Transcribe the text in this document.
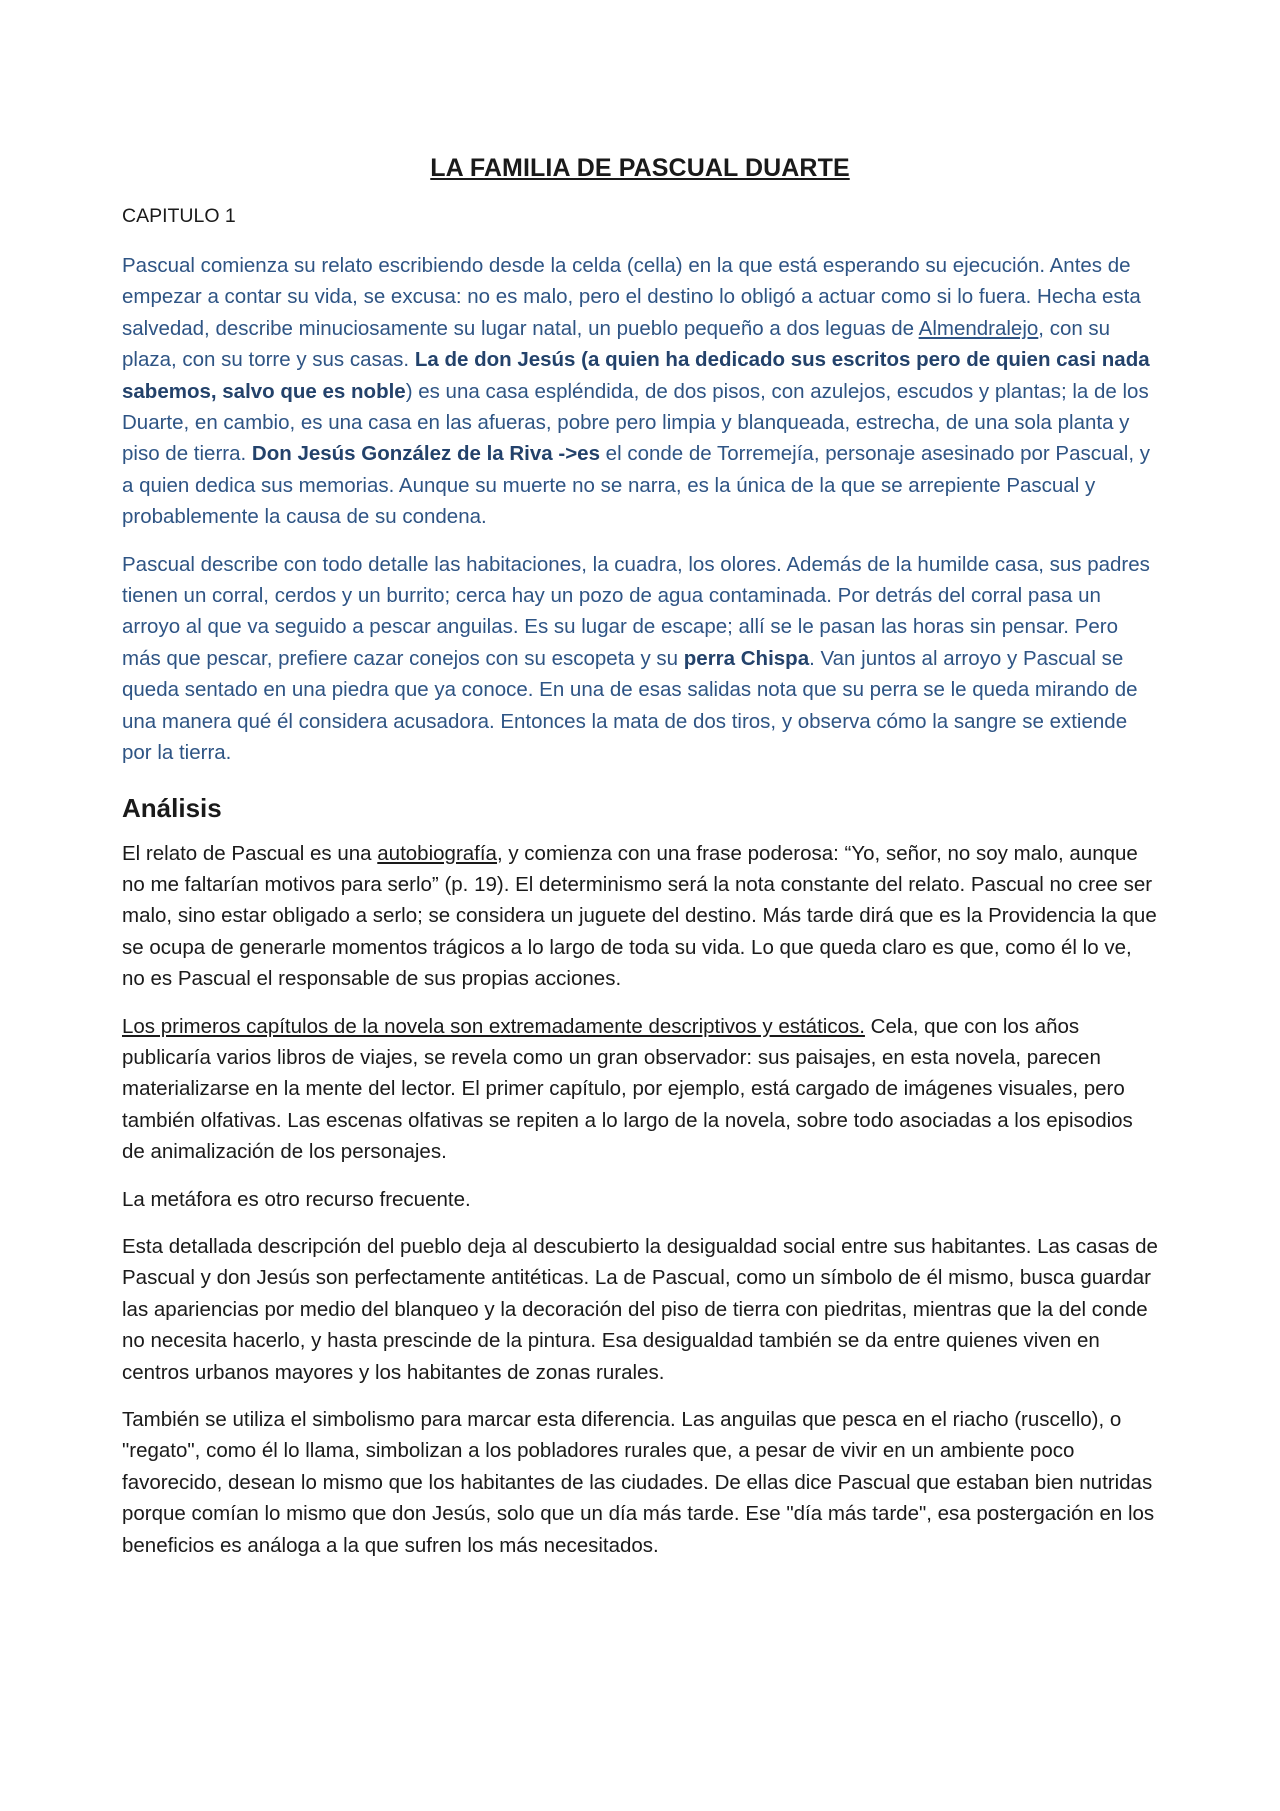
LA FAMILIA DE PASCUAL DUARTE
CAPITULO 1

Pascual comienza su relato escribiendo desde la celda (cella) en la que está esperando su ejecución. Antes de empezar a contar su vida, se excusa: no es malo, pero el destino lo obligó a actuar como si lo fuera. Hecha esta salvedad, describe minuciosamente su lugar natal, un pueblo pequeño a dos leguas de Almendralejo, con su plaza, con su torre y sus casas. La de don Jesús (a quien ha dedicado sus escritos pero de quien casi nada sabemos, salvo que es noble) es una casa espléndida, de dos pisos, con azulejos, escudos y plantas; la de los Duarte, en cambio, es una casa en las afueras, pobre pero limpia y blanqueada, estrecha, de una sola planta y piso de tierra. Don Jesús González de la Riva ->es el conde de Torremejía, personaje asesinado por Pascual, y a quien dedica sus memorias. Aunque su muerte no se narra, es la única de la que se arrepiente Pascual y probablemente la causa de su condena.

Pascual describe con todo detalle las habitaciones, la cuadra, los olores. Además de la humilde casa, sus padres tienen un corral, cerdos y un burrito; cerca hay un pozo de agua contaminada. Por detrás del corral pasa un arroyo al que va seguido a pescar anguilas. Es su lugar de escape; allí se le pasan las horas sin pensar. Pero más que pescar, prefiere cazar conejos con su escopeta y su perra Chispa. Van juntos al arroyo y Pascual se queda sentado en una piedra que ya conoce. En una de esas salidas nota que su perra se le queda mirando de una manera qué él considera acusadora. Entonces la mata de dos tiros, y observa cómo la sangre se extiende por la tierra.

Análisis

El relato de Pascual es una autobiografía, y comienza con una frase poderosa: “Yo, señor, no soy malo, aunque no me faltarían motivos para serlo” (p. 19). El determinismo será la nota constante del relato. Pascual no cree ser malo, sino estar obligado a serlo; se considera un juguete del destino. Más tarde dirá que es la Providencia la que se ocupa de generarle momentos trágicos a lo largo de toda su vida. Lo que queda claro es que, como él lo ve, no es Pascual el responsable de sus propias acciones.

Los primeros capítulos de la novela son extremadamente descriptivos y estáticos. Cela, que con los años publicaría varios libros de viajes, se revela como un gran observador: sus paisajes, en esta novela, parecen materializarse en la mente del lector. El primer capítulo, por ejemplo, está cargado de imágenes visuales, pero también olfativas. Las escenas olfativas se repiten a lo largo de la novela, sobre todo asociadas a los episodios de animalización de los personajes.

La metáfora es otro recurso frecuente.

Esta detallada descripción del pueblo deja al descubierto la desigualdad social entre sus habitantes. Las casas de Pascual y don Jesús son perfectamente antitéticas. La de Pascual, como un símbolo de él mismo, busca guardar las apariencias por medio del blanqueo y la decoración del piso de tierra con piedritas, mientras que la del conde no necesita hacerlo, y hasta prescinde de la pintura. Esa desigualdad también se da entre quienes viven en centros urbanos mayores y los habitantes de zonas rurales.

También se utiliza el simbolismo para marcar esta diferencia. Las anguilas que pesca en el riacho (ruscello), o "regato", como él lo llama, simbolizan a los pobladores rurales que, a pesar de vivir en un ambiente poco favorecido, desean lo mismo que los habitantes de las ciudades. De ellas dice Pascual que estaban bien nutridas porque comían lo mismo que don Jesús, solo que un día más tarde. Ese "día más tarde", esa postergación en los beneficios es análoga a la que sufren los más necesitados.
